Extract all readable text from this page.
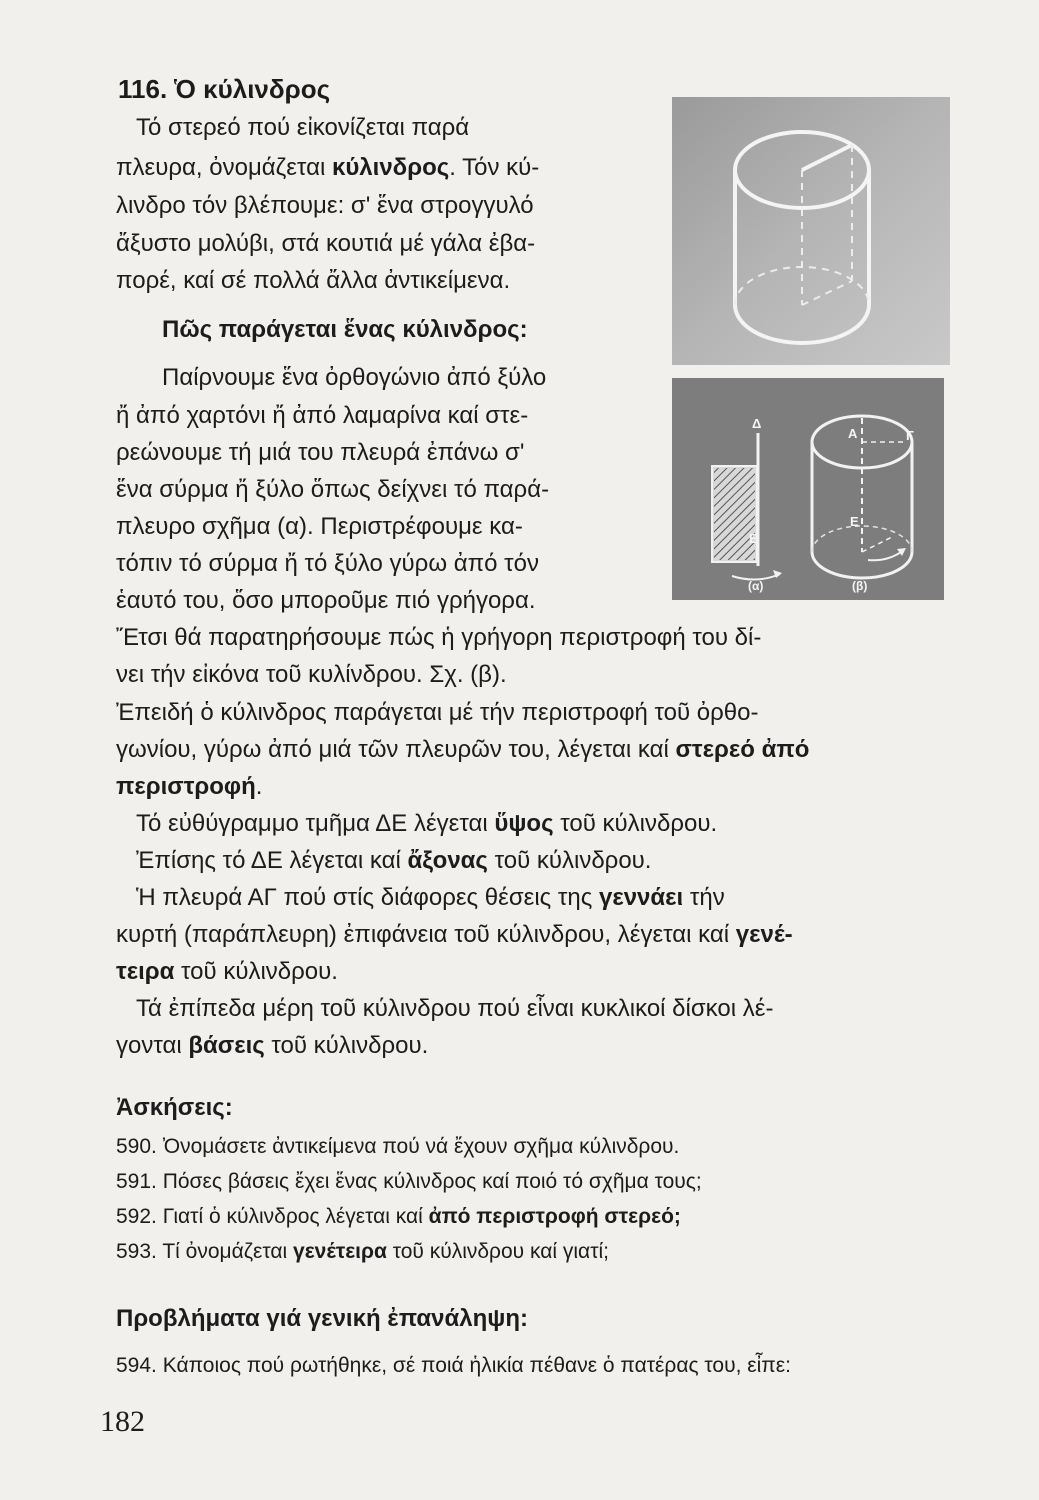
116. Ὁ κύλινδρος
Τό στερεό πού εἰκονίζεται παρά
πλευρα, ὀνομάζεται κύλινδρος. Τόν κύ-
λινδρο τόν βλέπουμε: σ' ἕνα στρογγυλό
ἄξυστο μολύβι, στά κουτιά μέ γάλα ἐβα-
πορέ, καί σέ πολλά ἄλλα ἀντικείμενα.
Πῶς παράγεται ἕνας κύλινδρος:
Παίρνουμε ἕνα ὀρθογώνιο ἀπό ξύλο
ἤ ἀπό χαρτόνι ἤ ἀπό λαμαρίνα καί στε-
ρεώνουμε τή μιά του πλευρά ἐπάνω σ'
ἕνα σύρμα ἤ ξύλο ὅπως δείχνει τό παρά-
πλευρο σχῆμα (α). Περιστρέφουμε κα-
τόπιν τό σύρμα ἤ τό ξύλο γύρω ἀπό τόν
ἑαυτό του, ὅσο μποροῦμε πιό γρήγορα.
Ἔτσι θά παρατηρήσουμε πώς ἡ γρήγορη περιστροφή του δί-
νει τήν εἰκόνα τοῦ κυλίνδρου. Σχ. (β).
Ἐπειδή ὁ κύλινδρος παράγεται μέ τήν περιστροφή τοῦ ὀρθο-
γωνίου, γύρω ἀπό μιά τῶν πλευρῶν του, λέγεται καί στερεό ἀπό
περιστροφή.
Τό εὐθύγραμμο τμῆμα ΔΕ λέγεται ὕψος τοῦ κύλινδρου.
Ἐπίσης τό ΔΕ λέγεται καί ἄξονας τοῦ κύλινδρου.
Ἡ πλευρά ΑΓ πού στίς διάφορες θέσεις της γεννάει τήν
κυρτή (παράπλευρη) ἐπιφάνεια τοῦ κύλινδρου, λέγεται καί γενέ-
τειρα τοῦ κύλινδρου.
Τά ἐπίπεδα μέρη τοῦ κύλινδρου πού εἶναι κυκλικοί δίσκοι λέ-
γονται βάσεις τοῦ κύλινδρου.
Ἀσκήσεις:
590. Ὀνομάσετε ἀντικείμενα πού νά ἔχουν σχῆμα κύλινδρου.
591. Πόσες βάσεις ἔχει ἕνας κύλινδρος καί ποιό τό σχῆμα τους;
592. Γιατί ὁ κύλινδρος λέγεται καί ἀπό περιστροφή στερεό;
593. Τί ὀνομάζεται γενέτειρα τοῦ κύλινδρου καί γιατί;
Προβλήματα γιά γενική ἐπανάληψη:
594. Κάποιος πού ρωτήθηκε, σέ ποιά ἡλικία πέθανε ὁ πατέρας του, εἶπε:
182
Δ
Ε
Α	Γ
Ε
(α)	(β)
